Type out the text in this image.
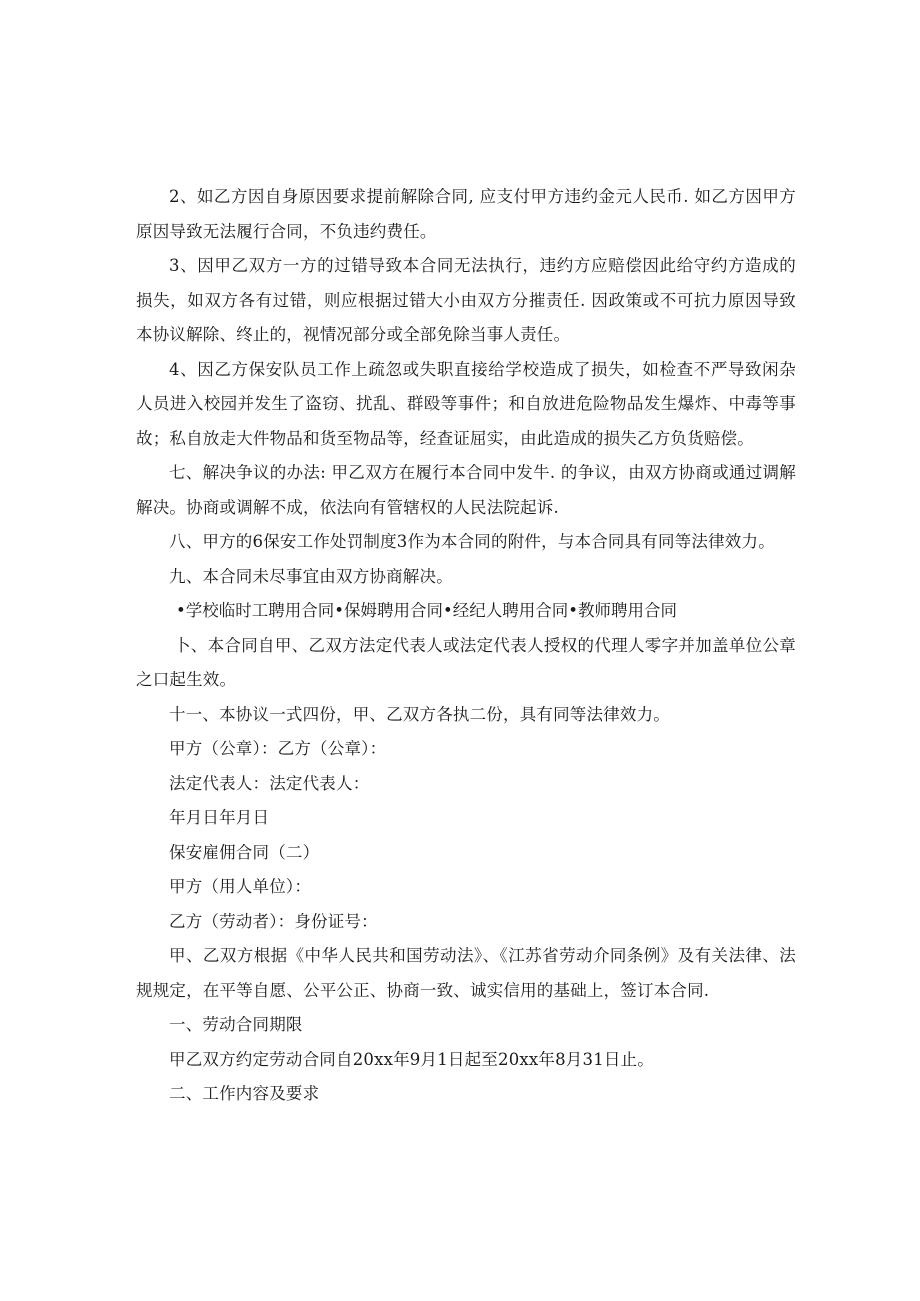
2、如乙方因自身原因要求提前解除合同, 应支付甲方违约金元人民币. 如乙方因甲方原因导致无法履行合同，不负违约费任。

3、因甲乙双方一方的过错导致本合同无法执行，违约方应赔偿因此给守约方造成的损失，如双方各有过错，则应根据过错大小由双方分摧责任. 因政策或不可抗力原因导致本协议解除、终止的，视情况部分或全部免除当事人责任。

4、因乙方保安队员工作上疏忽或失职直接给学校造成了损失，如检查不严导致闲杂人员进入校园并发生了盗窃、扰乱、群殴等事件；和自放进危险物品发生爆炸、中毒等事故；私自放走大件物品和货至物品等，经查证屈实，由此造成的损失乙方负货赔偿。

七、解决争议的办法: 甲乙双方在履行本合同中发牛. 的争议，由双方协商或通过调解解决。协商或调解不成，依法向有管辖权的人民法院起诉.

八、甲方的6保安工作处罚制度3作为本合同的附件，与本合同具有同等法律效力。

九、本合同未尽事宜由双方协商解决。

•学校临时工聘用合同•保姆聘用合同•经纪人聘用合同•教师聘用合同

卜、本合同自甲、乙双方法定代表人或法定代表人授权的代理人零字并加盖单位公章之口起生效。

十一、本协议一式四份，甲、乙双方各执二份，具有同等法律效力。

甲方（公章）：乙方（公章）：

法定代表人：法定代表人：

年月日年月日

保安雇佣合同（二）

甲方（用人单位）：

乙方（劳动者）：身份证号：

甲、乙双方根据《中华人民共和国劳动法》、《江苏省劳动介同条例》及有关法律、法规规定，在平等自愿、公平公正、协商一致、诚实信用的基础上，签订本合同.

一、劳动合同期限

甲乙双方约定劳动合同自20xx年9月1日起至20xx年8月31日止。

二、工作内容及要求
